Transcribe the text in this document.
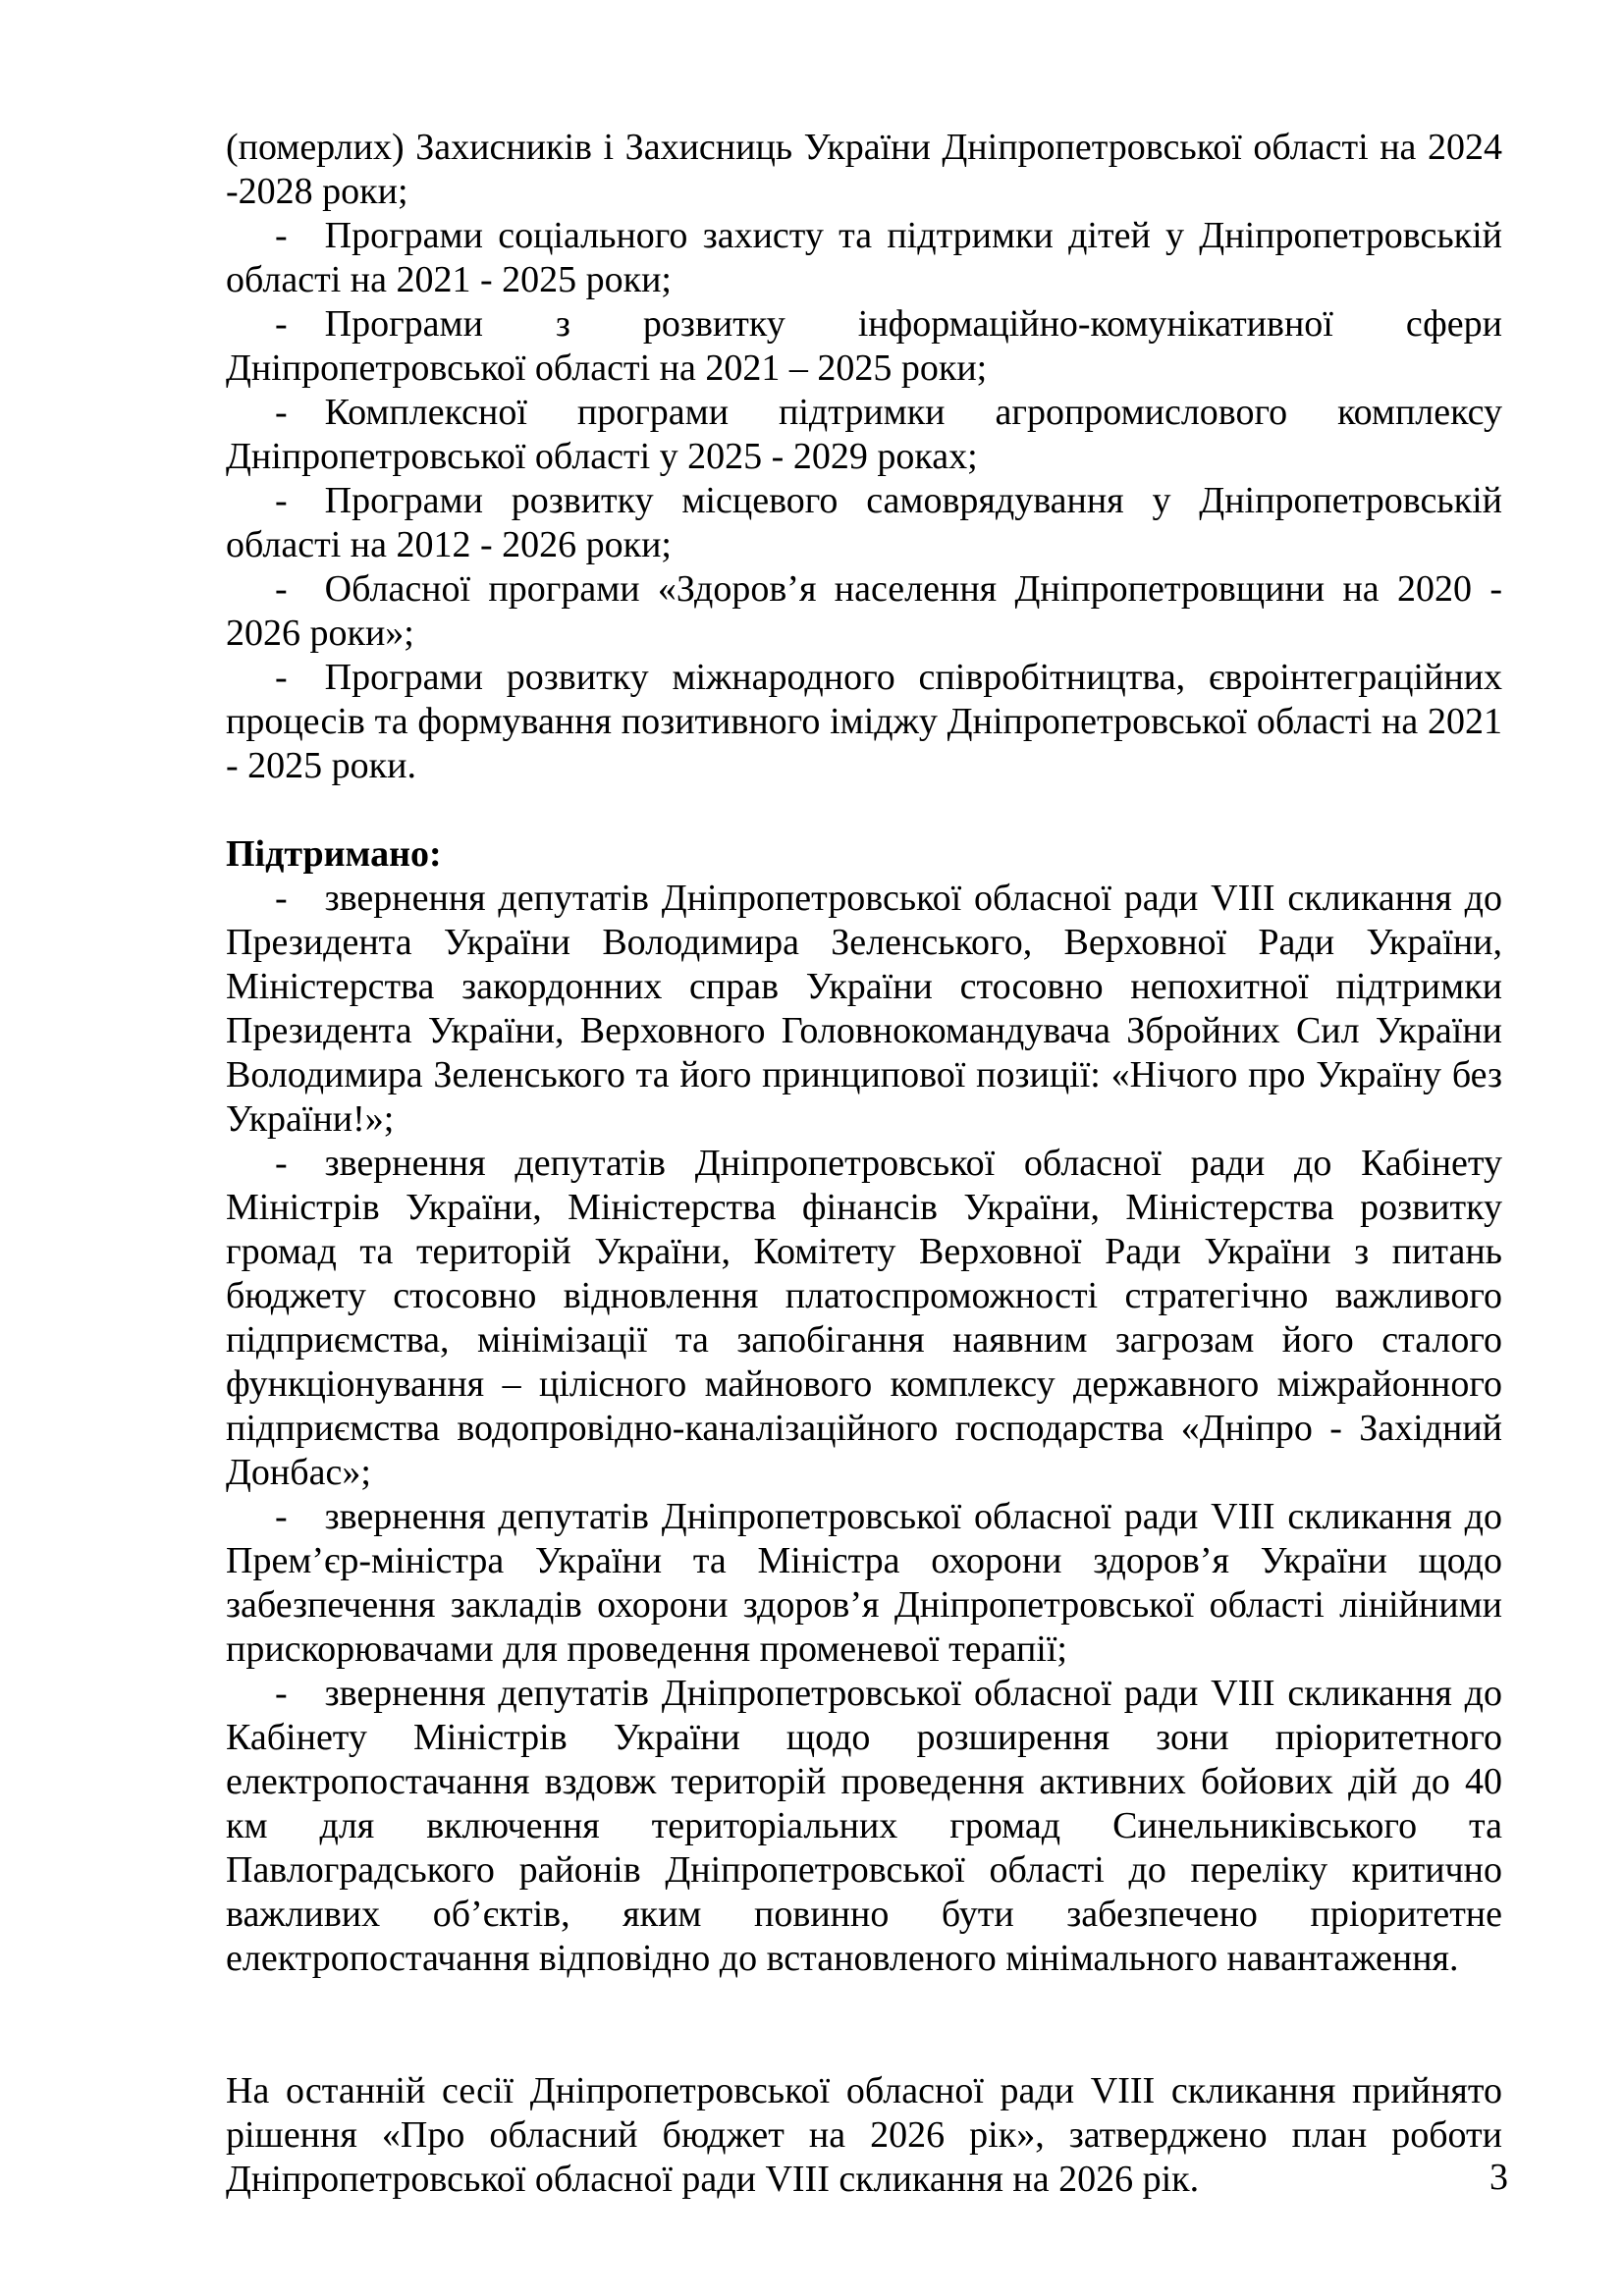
(померлих) Захисників і Захисниць України Дніпропетровської області на 2024 -2028 роки;

- Програми соціального захисту та підтримки дітей у Дніпропетровській області на 2021 - 2025 роки;

- Програми з розвитку інформаційно-комунікативної сфери Дніпропетровської області на 2021 – 2025 роки;

- Комплексної програми підтримки агропромислового комплексу Дніпропетровської області у 2025 - 2029 роках;

- Програми розвитку місцевого самоврядування у Дніпропетровській області на 2012 - 2026 роки;

- Обласної програми «Здоров’я населення Дніпропетровщини на 2020 - 2026 роки»;

- Програми розвитку міжнародного співробітництва, євроінтеграційних процесів та формування позитивного іміджу Дніпропетровської області на 2021 - 2025 роки.

Підтримано:

- звернення депутатів Дніпропетровської обласної ради VIII скликання до Президента України Володимира Зеленського, Верховної Ради України, Міністерства закордонних справ України стосовно непохитної підтримки Президента України, Верховного Головнокомандувача Збройних Сил України Володимира Зеленського та його принципової позиції: «Нічого про Україну без України!»;

- звернення депутатів Дніпропетровської обласної ради до Кабінету Міністрів України, Міністерства фінансів України, Міністерства розвитку громад та територій України, Комітету Верховної Ради України з питань бюджету стосовно відновлення платоспроможності стратегічно важливого підприємства, мінімізації та запобігання наявним загрозам його сталого функціонування – цілісного майнового комплексу державного міжрайонного підприємства водопровідно-каналізаційного господарства «Дніпро - Західний Донбас»;

- звернення депутатів Дніпропетровської обласної ради VIII скликання до Прем’єр-міністра України та Міністра охорони здоров’я України щодо забезпечення закладів охорони здоров’я Дніпропетровської області лінійними прискорювачами для проведення променевої терапії;

- звернення депутатів Дніпропетровської обласної ради VIII скликання до Кабінету Міністрів України щодо розширення зони пріоритетного електропостачання вздовж територій проведення активних бойових дій до 40 км для включення територіальних громад Синельниківського та Павлоградського районів Дніпропетровської області до переліку критично важливих об’єктів, яким повинно бути забезпечено пріоритетне електропостачання відповідно до встановленого мінімального навантаження.

На останній сесії Дніпропетровської обласної ради VIII скликання прийнято рішення «Про обласний бюджет на 2026 рік», затверджено план роботи Дніпропетровської обласної ради VIII скликання на 2026 рік.	3
